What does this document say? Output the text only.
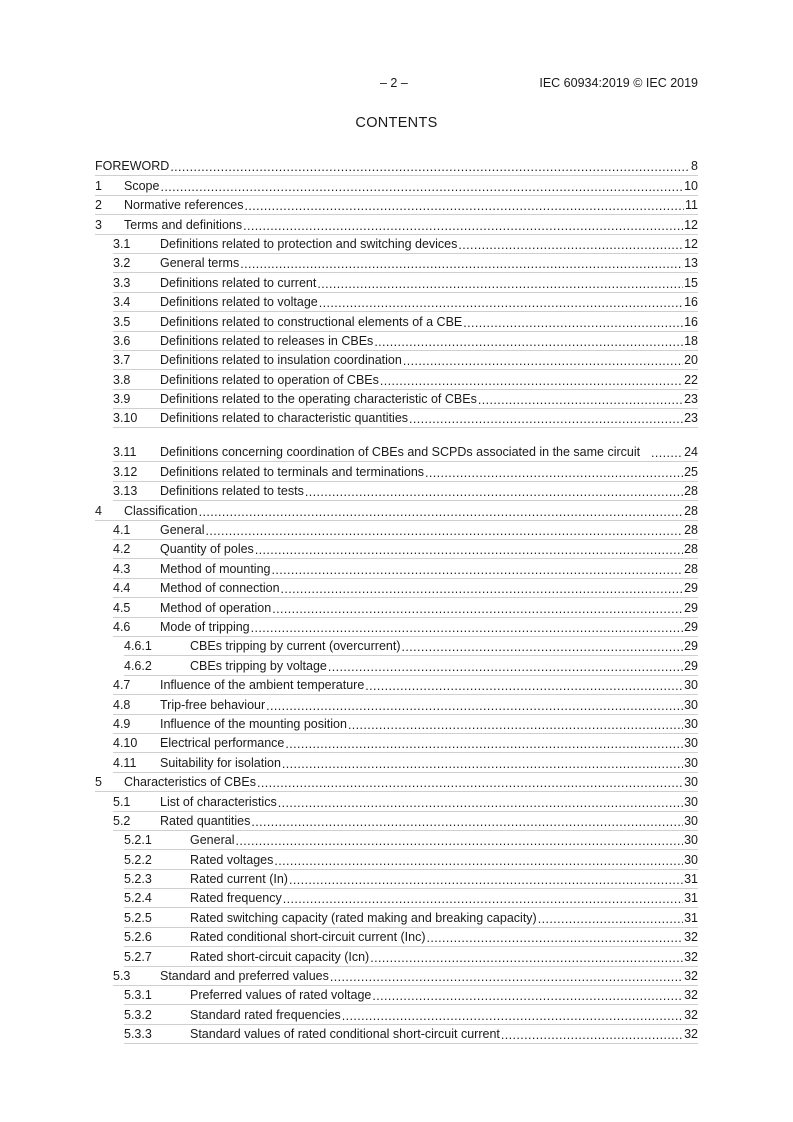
– 2 –	IEC 60934:2019 © IEC 2019
CONTENTS
FOREWORD .....	8
1 Scope .....	10
2 Normative references .....	11
3 Terms and definitions .....	12
3.1 Definitions related to protection and switching devices .....	12
3.2 General terms .....	13
3.3 Definitions related to current .....	15
3.4 Definitions related to voltage .....	16
3.5 Definitions related to constructional elements of a CBE .....	16
3.6 Definitions related to releases in CBEs .....	18
3.7 Definitions related to insulation coordination .....	20
3.8 Definitions related to operation of CBEs .....	22
3.9 Definitions related to the operating characteristic of CBEs .....	23
3.10 Definitions related to characteristic quantities .....	23
3.11 Definitions concerning coordination of CBEs and SCPDs associated in the same circuit .....	24
3.12 Definitions related to terminals and terminations .....	25
3.13 Definitions related to tests .....	28
4 Classification .....	28
4.1 General .....	28
4.2 Quantity of poles .....	28
4.3 Method of mounting .....	28
4.4 Method of connection .....	29
4.5 Method of operation .....	29
4.6 Mode of tripping .....	29
4.6.1	CBEs tripping by current (overcurrent) .....	29
4.6.2	CBEs tripping by voltage .....	29
4.7 Influence of the ambient temperature .....	30
4.8 Trip-free behaviour .....	30
4.9 Influence of the mounting position .....	30
4.10 Electrical performance .....	30
4.11 Suitability for isolation .....	30
5 Characteristics of CBEs .....	30
5.1 List of characteristics .....	30
5.2 Rated quantities .....	30
5.2.1	General .....	30
5.2.2	Rated voltages .....	30
5.2.3	Rated current (In) .....	31
5.2.4	Rated frequency .....	31
5.2.5	Rated switching capacity (rated making and breaking capacity) .....	31
5.2.6	Rated conditional short-circuit current (Inc) .....	32
5.2.7	Rated short-circuit capacity (Icn) .....	32
5.3 Standard and preferred values .....	32
5.3.1	Preferred values of rated voltage .....	32
5.3.2	Standard rated frequencies .....	32
5.3.3	Standard values of rated conditional short-circuit current .....	32
